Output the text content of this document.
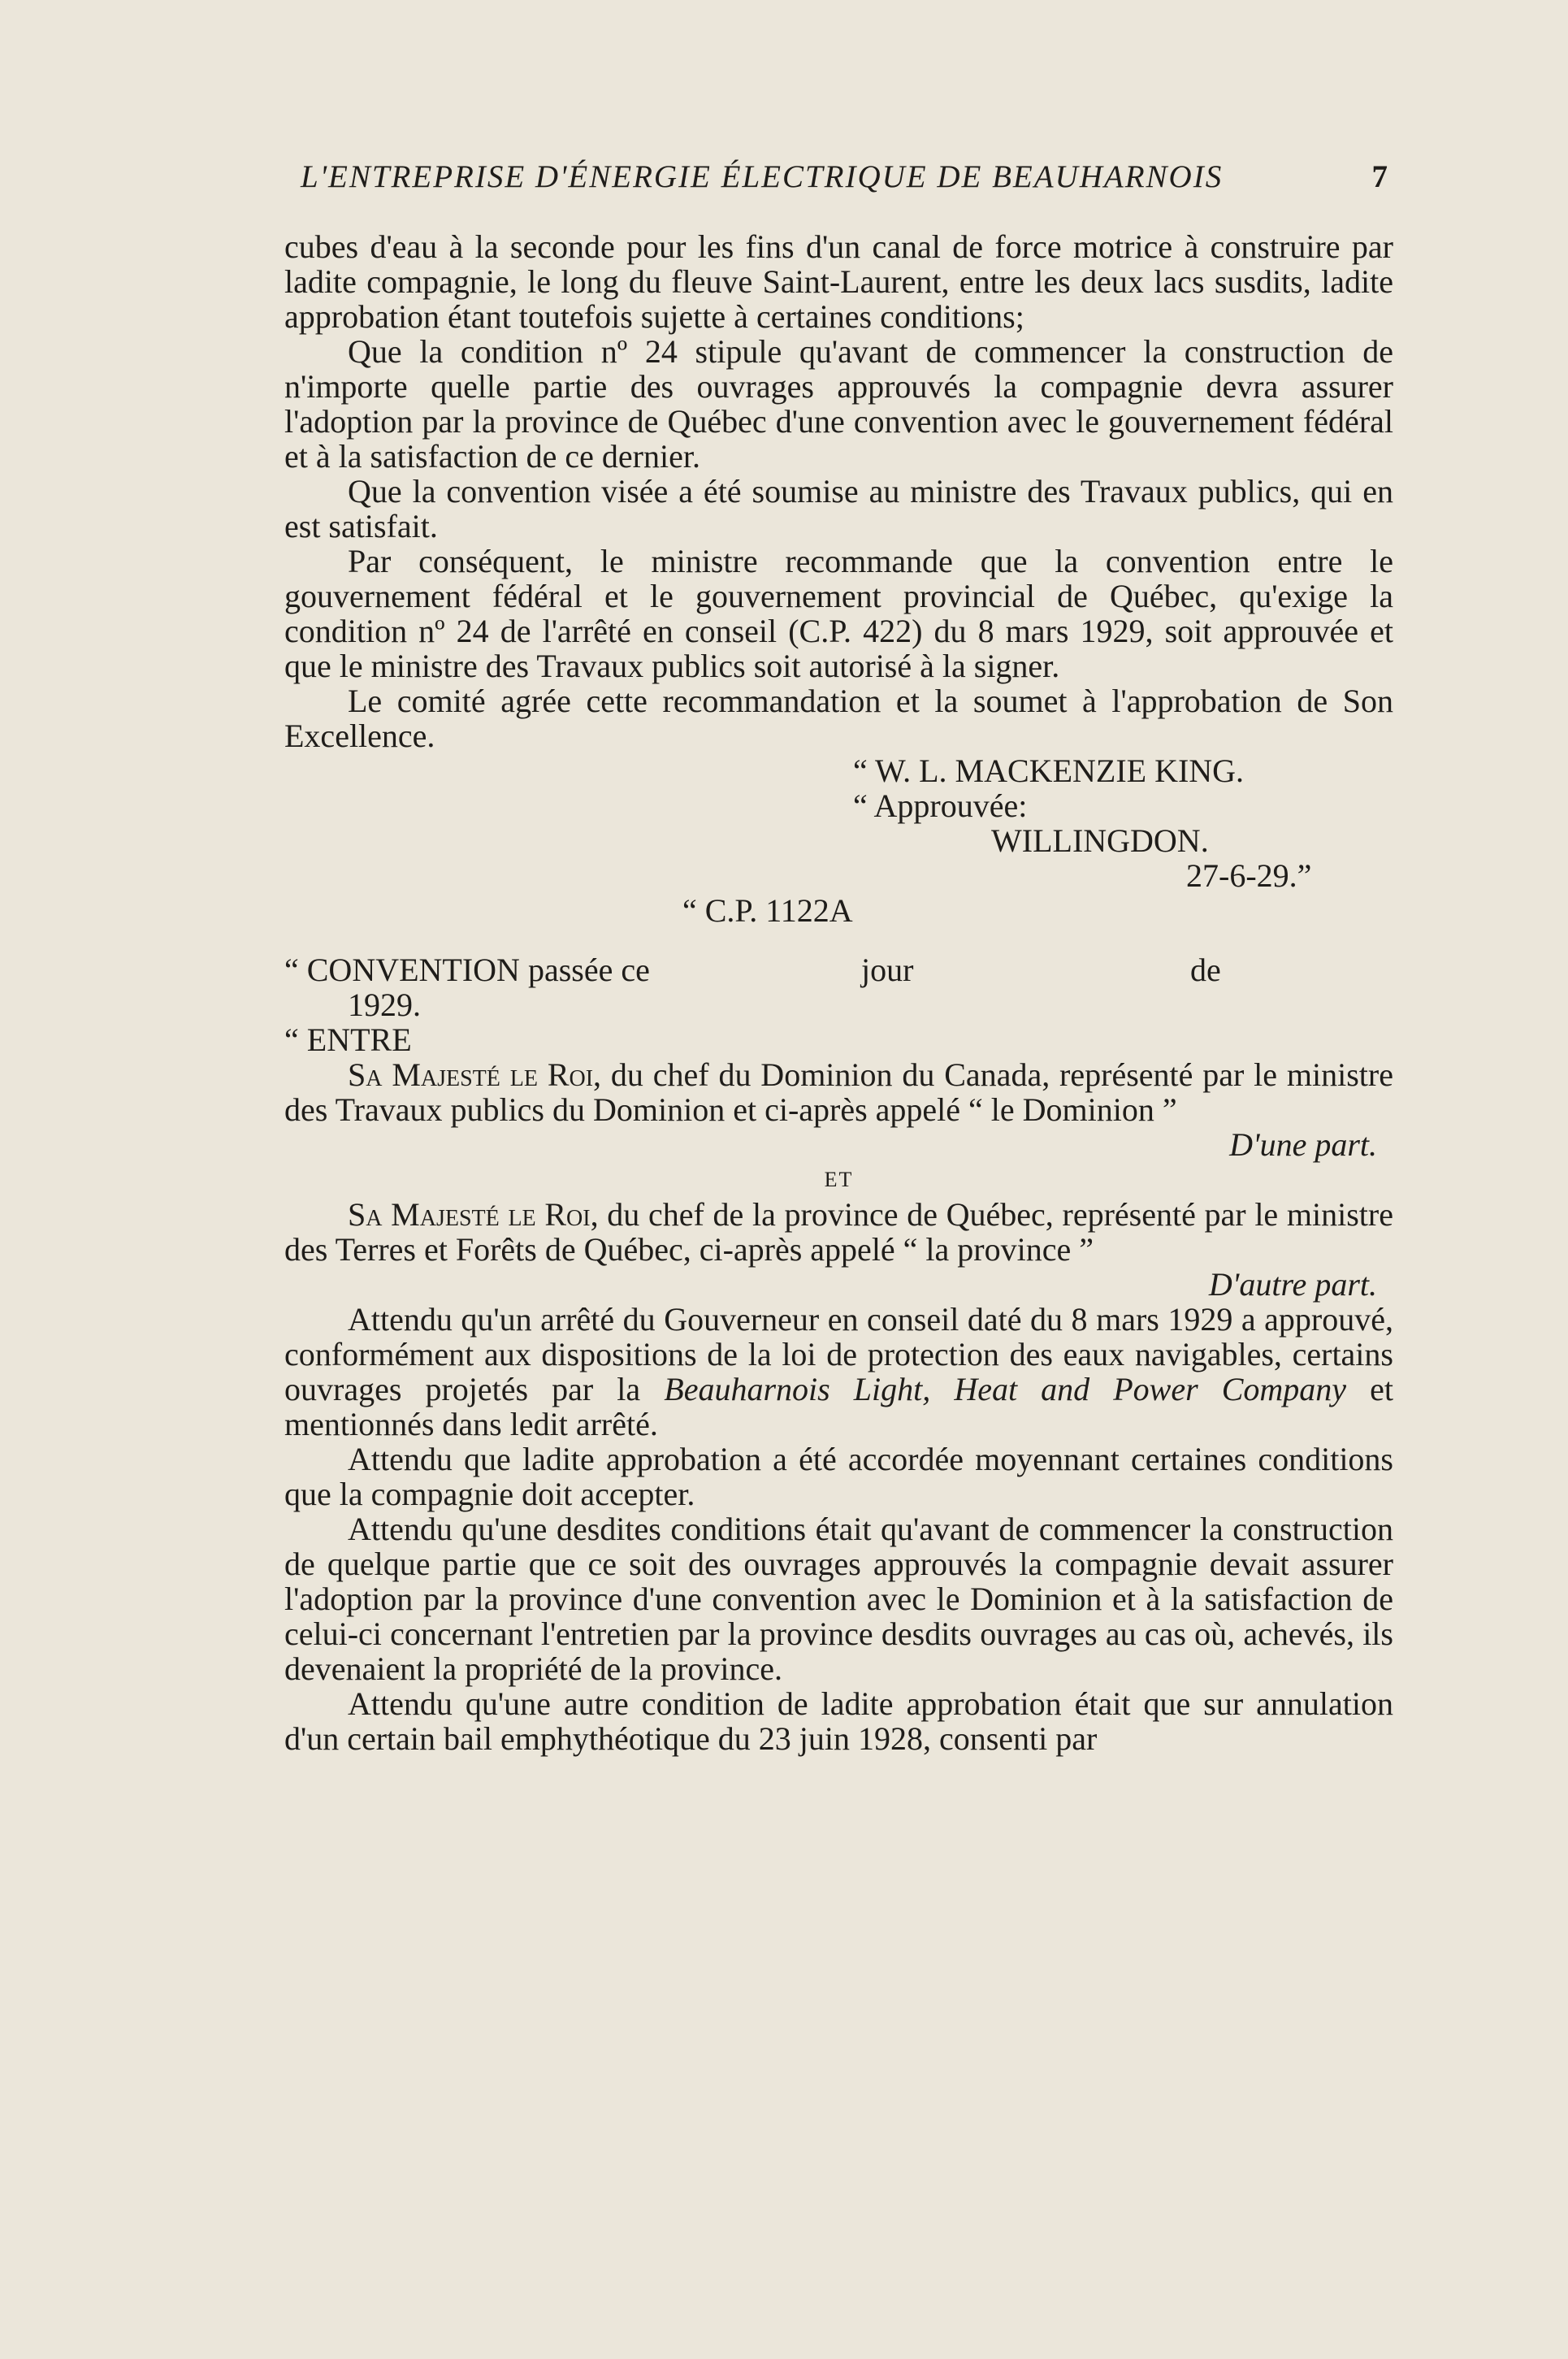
L'ENTREPRISE D'ÉNERGIE ÉLECTRIQUE DE BEAUHARNOIS	7

cubes d'eau à la seconde pour les fins d'un canal de force motrice à construire par ladite compagnie, le long du fleuve Saint-Laurent, entre les deux lacs susdits, ladite approbation étant toutefois sujette à certaines conditions;

Que la condition nº 24 stipule qu'avant de commencer la construction de n'importe quelle partie des ouvrages approuvés la compagnie devra assurer l'adoption par la province de Québec d'une convention avec le gouvernement fédéral et à la satisfaction de ce dernier.

Que la convention visée a été soumise au ministre des Travaux publics, qui en est satisfait.

Par conséquent, le ministre recommande que la convention entre le gouvernement fédéral et le gouvernement provincial de Québec, qu'exige la condition nº 24 de l'arrêté en conseil (C.P. 422) du 8 mars 1929, soit approuvée et que le ministre des Travaux publics soit autorisé à la signer.

Le comité agrée cette recommandation et la soumet à l'approbation de Son Excellence.

“ W. L. MACKENZIE KING.

“ Approuvée:

WILLINGDON.

27-6-29.”

“ C.P. 1122A

“ CONVENTION passée ce	jour	de

1929.

“ ENTRE

Sa Majesté le Roi, du chef du Dominion du Canada, représenté par le ministre des Travaux publics du Dominion et ci-après appelé “ le Dominion ”

D'une part.

ET

Sa Majesté le Roi, du chef de la province de Québec, représenté par le ministre des Terres et Forêts de Québec, ci-après appelé “ la province ”

D'autre part.

Attendu qu'un arrêté du Gouverneur en conseil daté du 8 mars 1929 a approuvé, conformément aux dispositions de la loi de protection des eaux navigables, certains ouvrages projetés par la Beauharnois Light, Heat and Power Company et mentionnés dans ledit arrêté.

Attendu que ladite approbation a été accordée moyennant certaines conditions que la compagnie doit accepter.

Attendu qu'une desdites conditions était qu'avant de commencer la construction de quelque partie que ce soit des ouvrages approuvés la compagnie devait assurer l'adoption par la province d'une convention avec le Dominion et à la satisfaction de celui-ci concernant l'entretien par la province desdits ouvrages au cas où, achevés, ils devenaient la propriété de la province.

Attendu qu'une autre condition de ladite approbation était que sur annulation d'un certain bail emphythéotique du 23 juin 1928, consenti par
